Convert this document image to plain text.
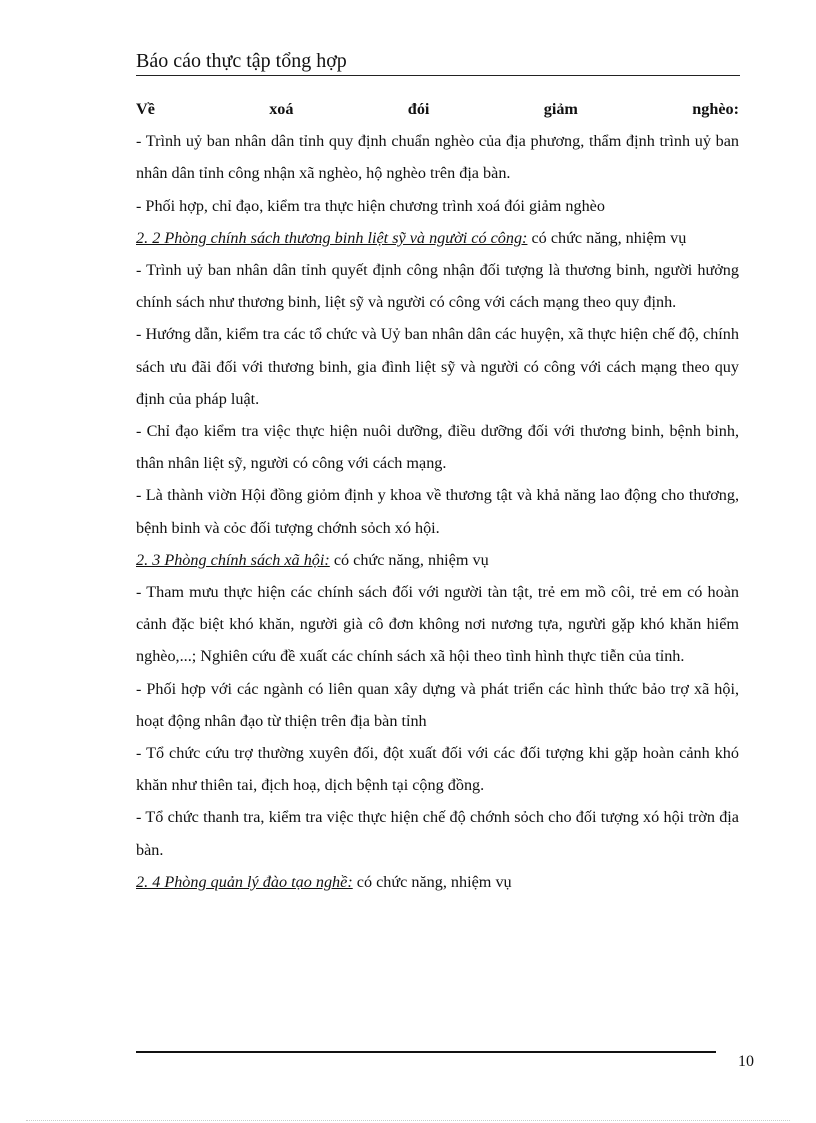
Báo cáo thực tập tổng hợp

Về xoá đói giảm nghèo:

- Trình uỷ ban nhân dân tỉnh quy định chuẩn nghèo của địa phương, thẩm định trình uỷ ban nhân dân tỉnh công nhận xã nghèo, hộ nghèo trên địa bàn.

- Phối hợp, chỉ đạo, kiểm tra thực hiện chương trình xoá đói giảm nghèo

2. 2 Phòng chính sách thương binh liệt sỹ và người có công: có chức năng, nhiệm vụ

- Trình uỷ ban nhân dân tỉnh quyết định công nhận đối tượng là thương binh, người hưởng chính sách như thương binh, liệt sỹ và người có công với cách mạng theo quy định.

- Hướng dẫn, kiểm tra các tổ chức và Uỷ ban nhân dân các huyện, xã thực hiện chế độ, chính sách ưu đãi đối với thương binh, gia đình liệt sỹ và người có công với cách mạng theo quy định của pháp luật.

- Chỉ đạo kiểm tra việc thực hiện nuôi dưỡng, điều dưỡng đối với thương binh, bệnh binh, thân nhân liệt sỹ, người có công với cách mạng.

- Là thành viờn Hội đồng giỏm định y khoa về thương tật và khả năng lao động cho thương, bệnh binh và cỏc đối tượng chớnh sỏch xó hội.

2. 3 Phòng chính sách xã hội: có chức năng, nhiệm vụ

- Tham mưu thực hiện các chính sách đối với người tàn tật, trẻ em mồ côi, trẻ em có hoàn cảnh đặc biệt khó khăn, người già cô đơn không nơi nương tựa, ngưừi gặp khó khăn hiểm nghèo,...; Nghiên cứu đề xuất các chính sách xã hội theo tình hình thực tiễn của tỉnh.

- Phối hợp với các ngành có liên quan xây dựng và phát triển các hình thức bảo trợ xã hội, hoạt động nhân đạo từ thiện trên địa bàn tỉnh

- Tổ chức cứu trợ thường xuyên đối, đột xuất đối với các đối tượng khi gặp hoàn cảnh khó khăn như thiên tai, địch hoạ, dịch bệnh tại cộng đồng.

- Tổ chức thanh tra, kiểm tra việc thực hiện chế độ chớnh sỏch cho đối tượng xó hội trờn địa bàn.

2. 4 Phòng quản lý đào tạo nghề: có chức năng, nhiệm vụ

10
